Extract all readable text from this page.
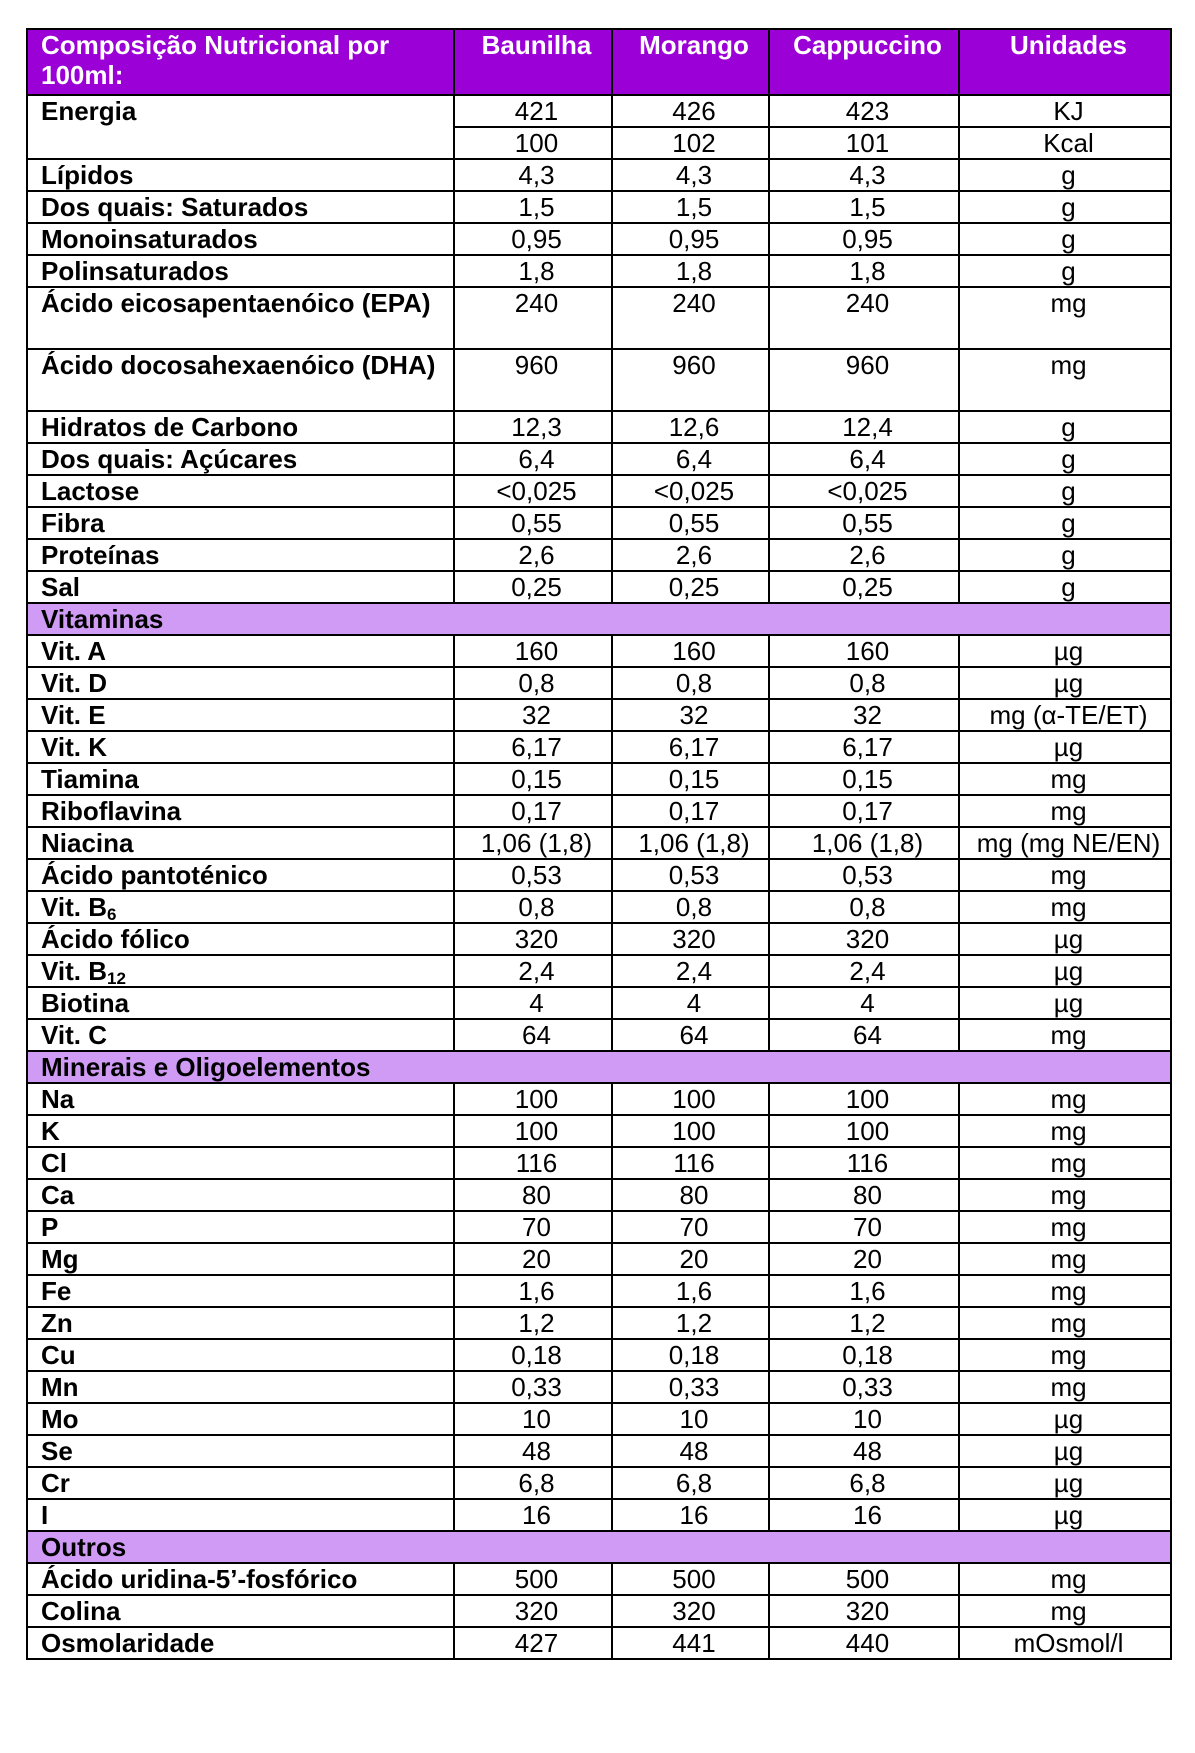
Composição Nutricional por 100ml:	Baunilha	Morango	Cappuccino	Unidades
Energia	421	426	423	KJ
	100	102	101	Kcal
Lípidos	4,3	4,3	4,3	g
Dos quais: Saturados	1,5	1,5	1,5	g
Monoinsaturados	0,95	0,95	0,95	g
Polinsaturados	1,8	1,8	1,8	g
Ácido eicosapentaenóico (EPA)	240	240	240	mg
Ácido docosahexaenóico (DHA)	960	960	960	mg
Hidratos de Carbono	12,3	12,6	12,4	g
Dos quais: Açúcares	6,4	6,4	6,4	g
Lactose	<0,025	<0,025	<0,025	g
Fibra	0,55	0,55	0,55	g
Proteínas	2,6	2,6	2,6	g
Sal	0,25	0,25	0,25	g
Vitaminas				
Vit. A	160	160	160	µg
Vit. D	0,8	0,8	0,8	µg
Vit. E	32	32	32	mg (α-TE/ET)
Vit. K	6,17	6,17	6,17	µg
Tiamina	0,15	0,15	0,15	mg
Riboflavina	0,17	0,17	0,17	mg
Niacina	1,06 (1,8)	1,06 (1,8)	1,06 (1,8)	mg (mg NE/EN)
Ácido pantoténico	0,53	0,53	0,53	mg
Vit. $B_6$	0,8	0,8	0,8	mg
Ácido fólico	320	320	320	µg
Vit. $B_{12}$	2,4	2,4	2,4	µg
Biotina	4	4	4	µg
Vit. C	64	64	64	mg
Minerais e Oligoelementos				
Na	100	100	100	mg
K	100	100	100	mg
Cl	116	116	116	mg
Ca	80	80	80	mg
P	70	70	70	mg
Mg	20	20	20	mg
Fe	1,6	1,6	1,6	mg
Zn	1,2	1,2	1,2	mg
Cu	0,18	0,18	0,18	mg
Mn	0,33	0,33	0,33	mg
Mo	10	10	10	µg
Se	48	48	48	µg
Cr	6,8	6,8	6,8	µg
I	16	16	16	µg
Outros				
Ácido uridina-5’-fosfórico	500	500	500	mg
Colina	320	320	320	mg
Osmolaridade	427	441	440	mOsmol/l
